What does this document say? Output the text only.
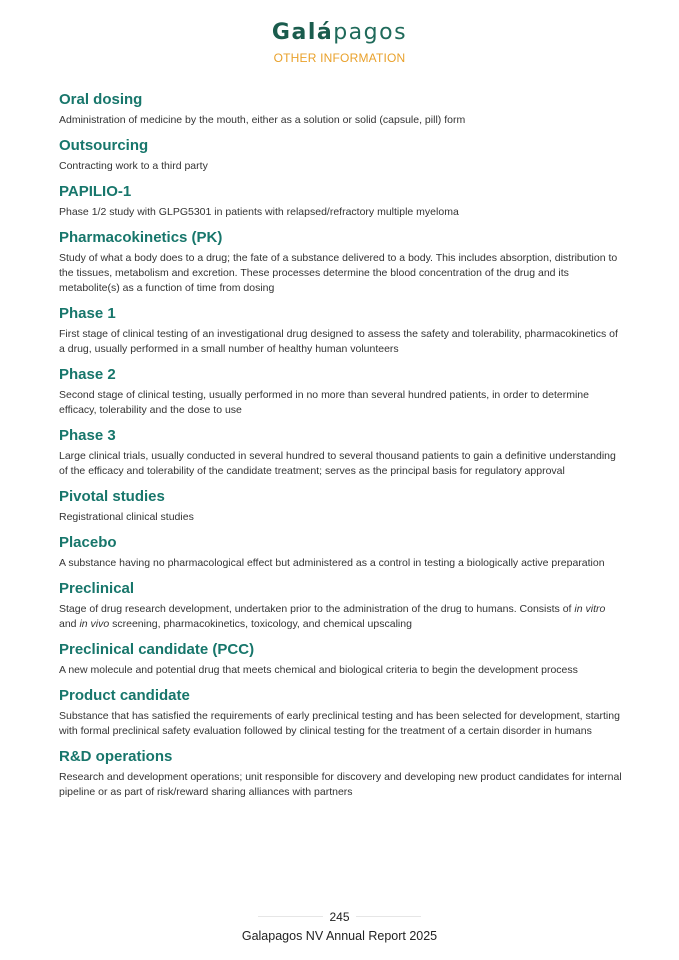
Galápagos
OTHER INFORMATION
Oral dosing

Administration of medicine by the mouth, either as a solution or solid (capsule, pill) form

Outsourcing

Contracting work to a third party

PAPILIO-1

Phase 1/2 study with GLPG5301 in patients with relapsed/refractory multiple myeloma

Pharmacokinetics (PK)

Study of what a body does to a drug; the fate of a substance delivered to a body. This includes absorption, distribution to the tissues, metabolism and excretion. These processes determine the blood concentration of the drug and its metabolite(s) as a function of time from dosing

Phase 1

First stage of clinical testing of an investigational drug designed to assess the safety and tolerability, pharmacokinetics of a drug, usually performed in a small number of healthy human volunteers

Phase 2

Second stage of clinical testing, usually performed in no more than several hundred patients, in order to determine efficacy, tolerability and the dose to use

Phase 3

Large clinical trials, usually conducted in several hundred to several thousand patients to gain a definitive understanding of the efficacy and tolerability of the candidate treatment; serves as the principal basis for regulatory approval

Pivotal studies

Registrational clinical studies

Placebo

A substance having no pharmacological effect but administered as a control in testing a biologically active preparation

Preclinical

Stage of drug research development, undertaken prior to the administration of the drug to humans. Consists of in vitro and in vivo screening, pharmacokinetics, toxicology, and chemical upscaling

Preclinical candidate (PCC)

A new molecule and potential drug that meets chemical and biological criteria to begin the development process

Product candidate

Substance that has satisfied the requirements of early preclinical testing and has been selected for development, starting with formal preclinical safety evaluation followed by clinical testing for the treatment of a certain disorder in humans

R&D operations

Research and development operations; unit responsible for discovery and developing new product candidates for internal pipeline or as part of risk/reward sharing alliances with partners

245
Galapagos NV Annual Report 2025
